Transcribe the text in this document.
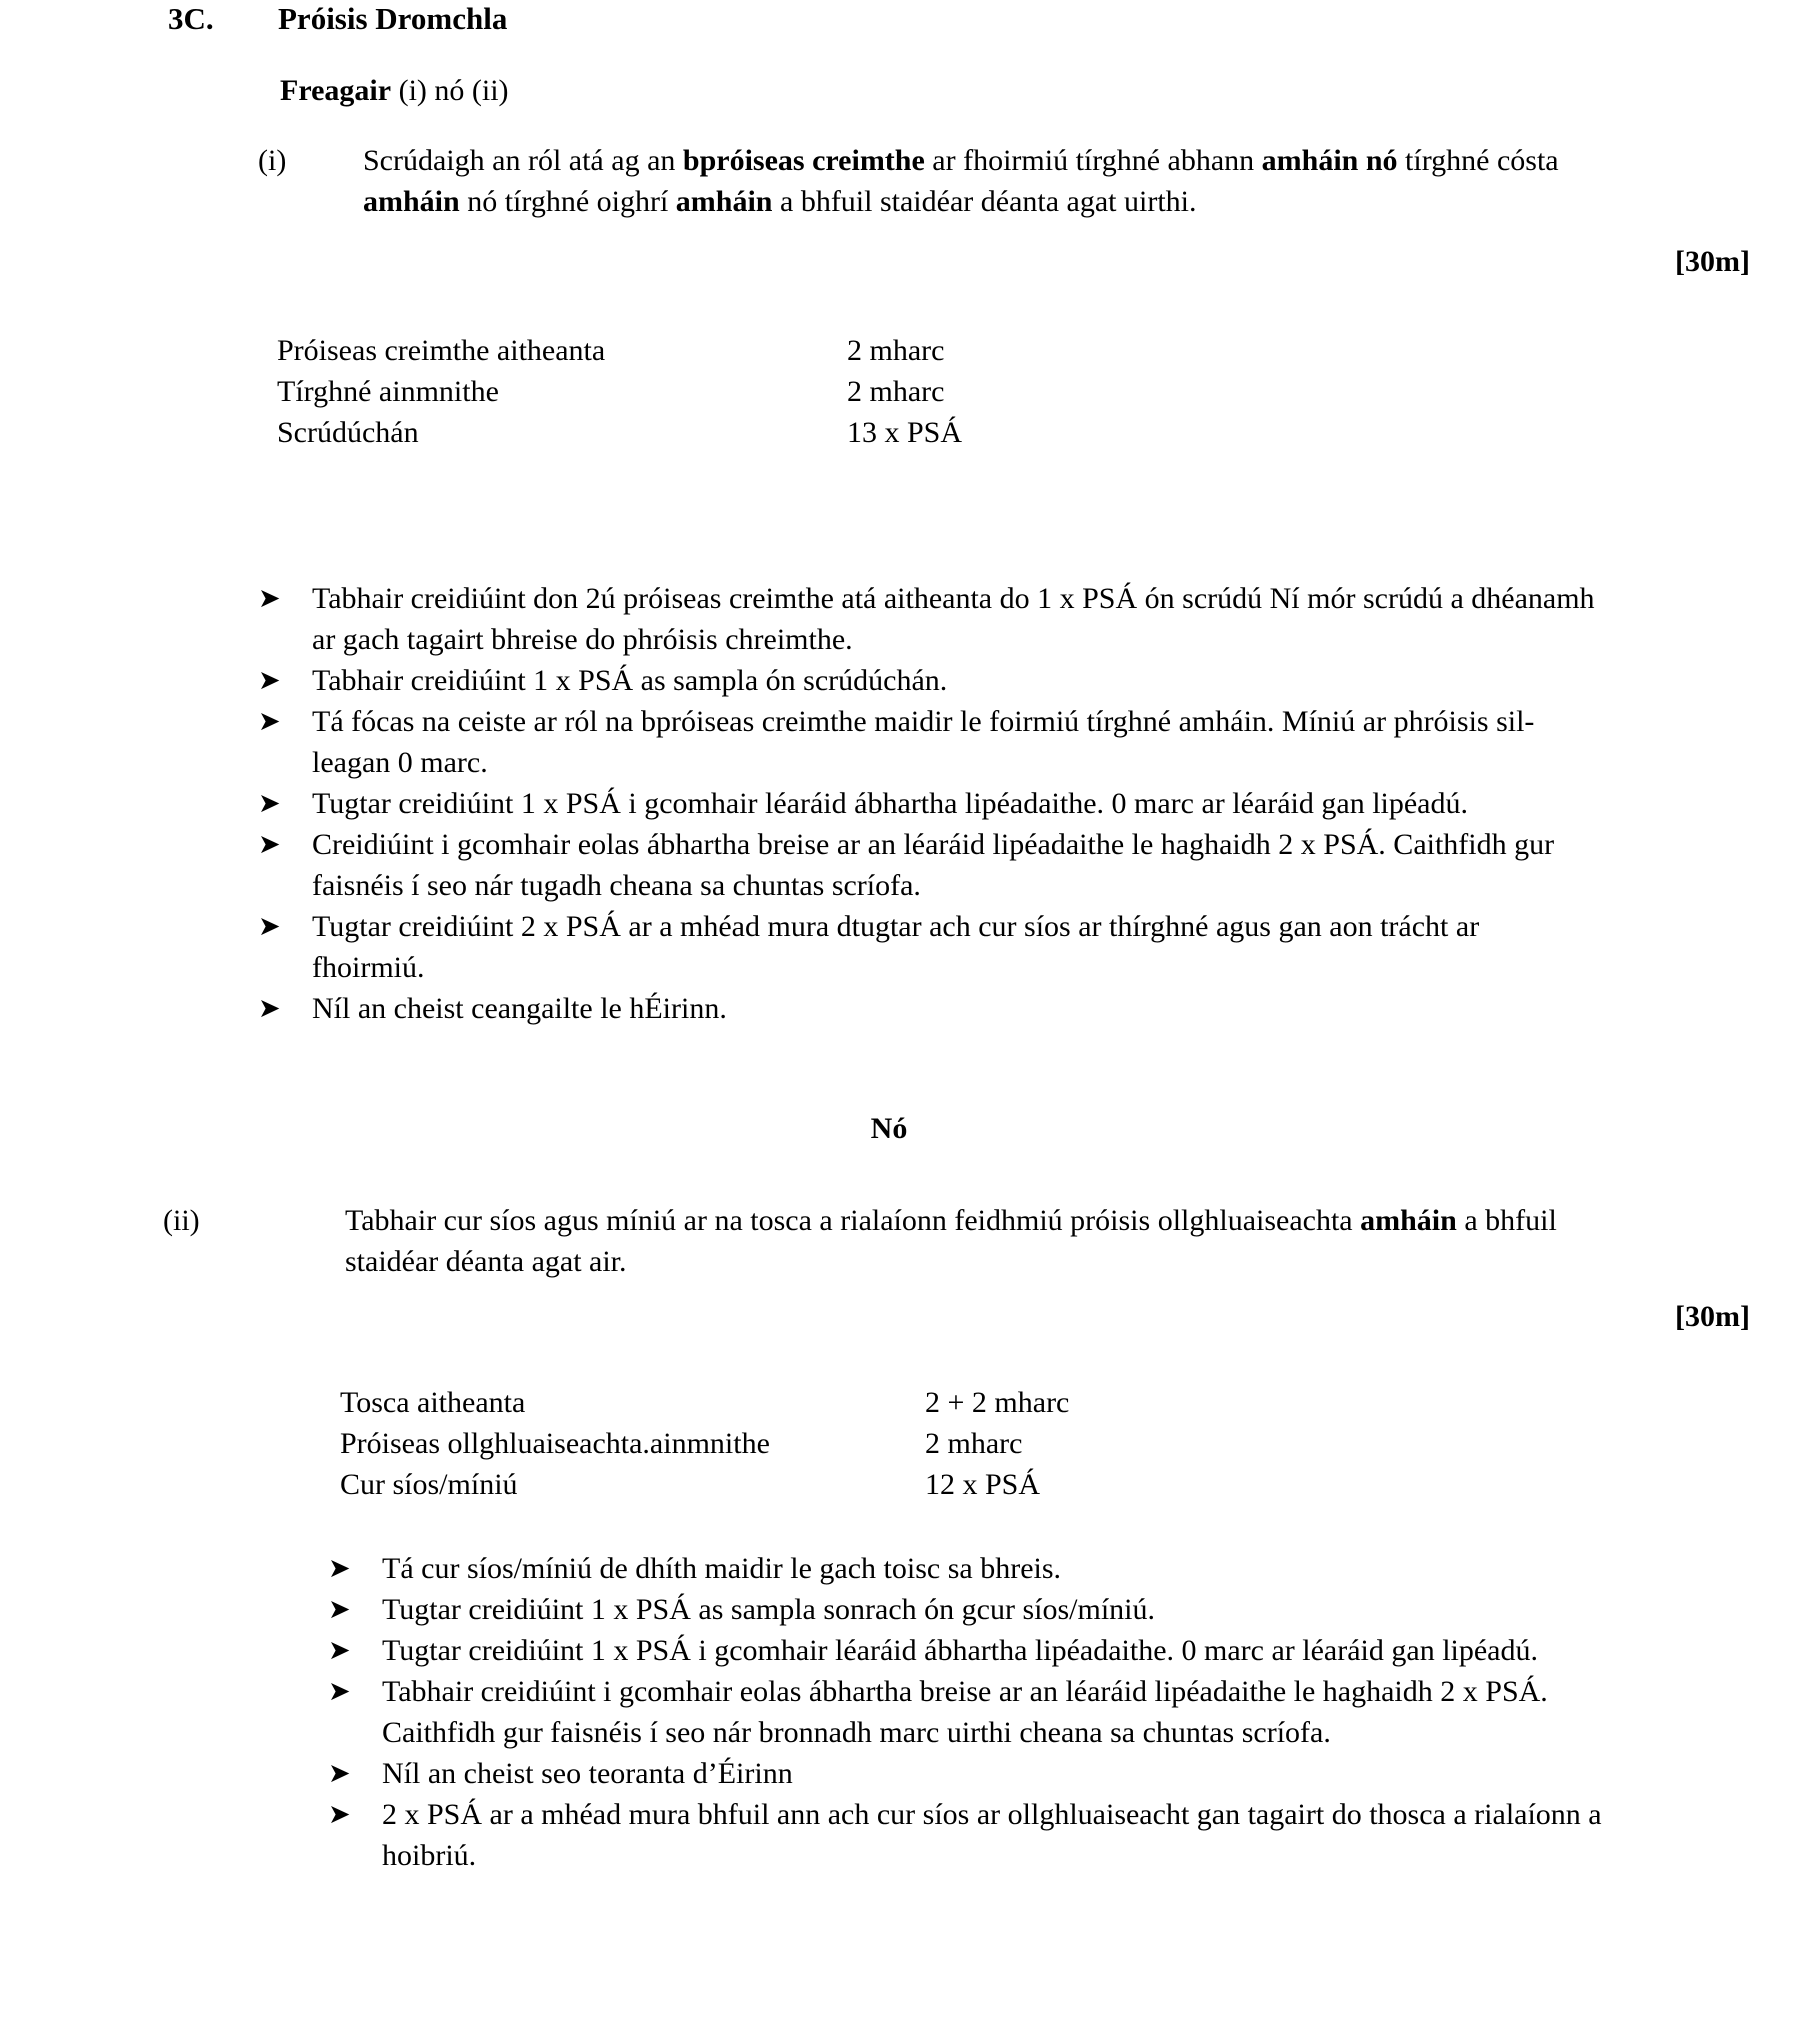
3C. Próisis Dromchla
Freagair (i) nó (ii)
(i)	Scrúdaigh an ról atá ag an bpróiseas creimthe ar fhoirmiú tírghné abhann amháin nó tírghné cósta amháin nó tírghné oighrí amháin a bhfuil staidéar déanta agat uirthi.
[30m]
Próiseas creimthe aitheanta	2 mharc
Tírghné ainmnithe	2 mharc
Scrúdúchán	13 x PSÁ
➤ Tabhair creidiúint don 2ú próiseas creimthe atá aitheanta do 1 x PSÁ ón scrúdú Ní mór scrúdú a dhéanamh ar gach tagairt bhreise do phróisis chreimthe.
➤ Tabhair creidiúint 1 x PSÁ as sampla ón scrúdúchán.
➤ Tá fócas na ceiste ar ról na bpróiseas creimthe maidir le foirmiú tírghné amháin. Míniú ar phróisis sil-leagan 0 marc.
➤ Tugtar creidiúint 1 x PSÁ i gcomhair léaráid ábhartha lipéadaithe. 0 marc ar léaráid gan lipéadú.
➤ Creidiúint i gcomhair eolas ábhartha breise ar an léaráid lipéadaithe le haghaidh 2 x PSÁ. Caithfidh gur faisnéis í seo nár tugadh cheana sa chuntas scríofa.
➤ Tugtar creidiúint 2 x PSÁ ar a mhéad mura dtugtar ach cur síos ar thírghné agus gan aon trácht ar fhoirmiú.
➤ Níl an cheist ceangailte le hÉirinn.
Nó
(ii)	Tabhair cur síos agus míniú ar na tosca a rialaíonn feidhmiú próisis ollghluaiseachta amháin a bhfuil staidéar déanta agat air.
[30m]
Tosca aitheanta	2 + 2 mharc
Próiseas ollghluaiseachta.ainmnithe	2 mharc
Cur síos/míniú	12 x PSÁ
➤ Tá cur síos/míniú de dhíth maidir le gach toisc sa bhreis.
➤ Tugtar creidiúint 1 x PSÁ as sampla sonrach ón gcur síos/míniú.
➤ Tugtar creidiúint 1 x PSÁ i gcomhair léaráid ábhartha lipéadaithe. 0 marc ar léaráid gan lipéadú.
➤ Tabhair creidiúint i gcomhair eolas ábhartha breise ar an léaráid lipéadaithe le haghaidh 2 x PSÁ. Caithfidh gur faisnéis í seo nár bronnadh marc uirthi cheana sa chuntas scríofa.
➤ Níl an cheist seo teoranta d’Éirinn
➤ 2 x PSÁ ar a mhéad mura bhfuil ann ach cur síos ar ollghluaiseacht gan tagairt do thosca a rialaíonn a hoibriú.
